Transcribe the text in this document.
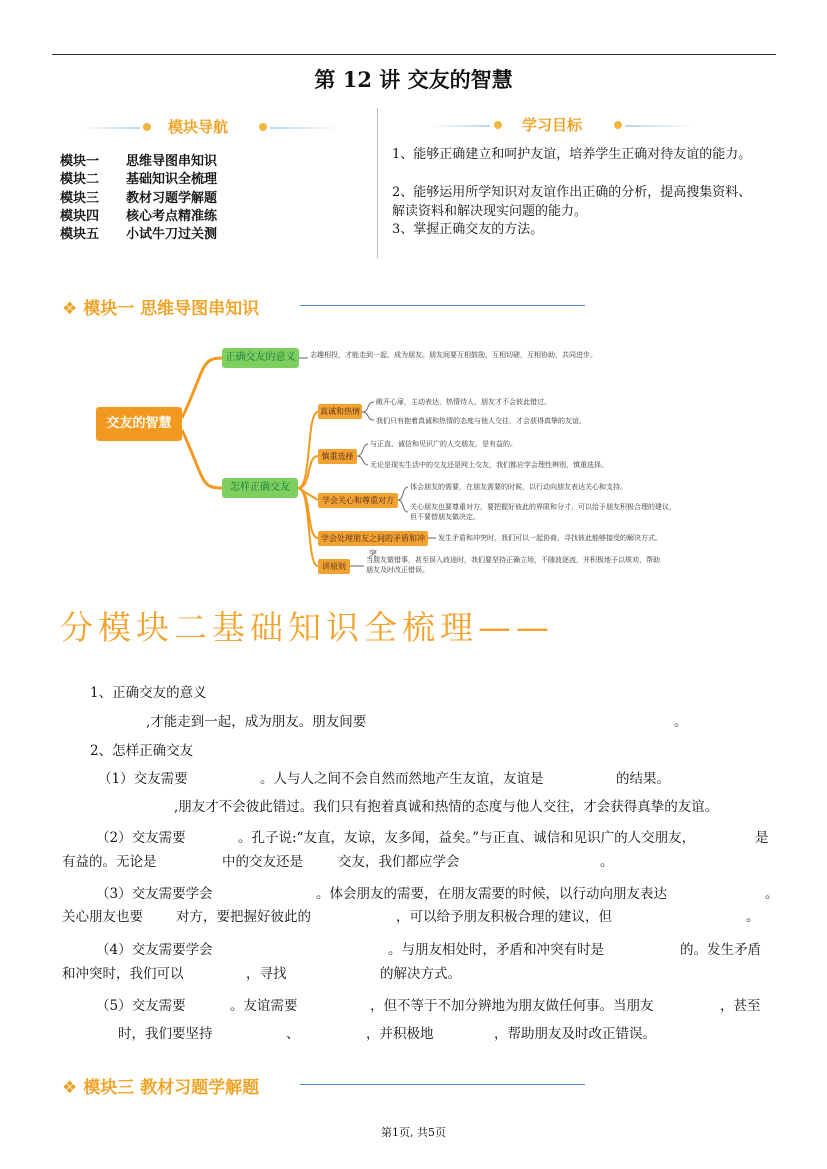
第 12 讲 交友的智慧
模块导航
模块一 思维导图串知识
模块二 基础知识全梳理
模块三 教材习题学解题
模块四 核心考点精准练
模块五 小试牛刀过关测
学习目标
1、能够正确建立和呵护友谊，培养学生正确对待友谊的能力。
2、能够运用所学知识对友谊作出正确的分析，提高搜集资料、解读资料和解决现实问题的能力。
3、掌握正确交友的方法。
❖ 模块一 思维导图串知识
交友的智慧
正确交友的意义	志趣相投，才能走到一起，成为朋友。朋友间要互相鼓励，互相切磋，互相协助，共同进步。
怎样正确交友
真诚和热情
敞开心扉，主动表达，热情待人，朋友才不会彼此错过。
我们只有抱着真诚和热情的态度与他人交往，才会获得真挚的友谊。
慎重选择
与正直、诚信和见识广的人交朋友，是有益的。
无论是现实生活中的交友还是网上交友，我们都应学会理性辨别，慎重选择。
学会关心和尊重对方
体会朋友的需要，在朋友需要的时候，以行动向朋友表达关心和支持。
关心朋友也要尊重对方，要把握好彼此的界限和分寸，可以给予朋友积极合理的建议，但不要替朋友做决定。
学会处理朋友之间的矛盾和冲突
发生矛盾和冲突时，我们可以一起协商，寻找彼此能够接受的解决方式。
讲原则
当朋友做错事，甚至误入歧途时，我们要坚持正确立场，不随波逐流，并积极地予以规劝，帮助朋友及时改正错误。
分模块二基础知识全梳理——
1、正确交友的意义
,才能走到一起，成为朋友。朋友间要	。
2、怎样正确交友
（1）交友需要	。人与人之间不会自然而然地产生友谊，友谊是	的结果。
,朋友才不会彼此错过。我们只有抱着真诚和热情的态度与他人交往，才会获得真挚的友谊。
（2）交友需要	。孔子说:“友直，友谅，友多闻，益矣。”与正直、诚信和见识广的人交朋友，	是
有益的。无论是	中的交友还是	交友，我们都应学会	。
（3）交友需要学会	。体会朋友的需要，在朋友需要的时候，以行动向朋友表达	。
关心朋友也要 对方，要把握好彼此的	，可以给予朋友积极合理的建议，但	。
（4）交友需要学会	。与朋友相处时，矛盾和冲突有时是	的。发生矛盾
和冲突时，我们可以	，寻找	的解决方式。
（5）交友需要	。友谊需要	，但不等于不加分辨地为朋友做任何事。当朋友	，甚至
时，我们要坚持	、	，并积极地	，帮助朋友及时改正错误。
❖ 模块三 教材习题学解题
第1页, 共5页
